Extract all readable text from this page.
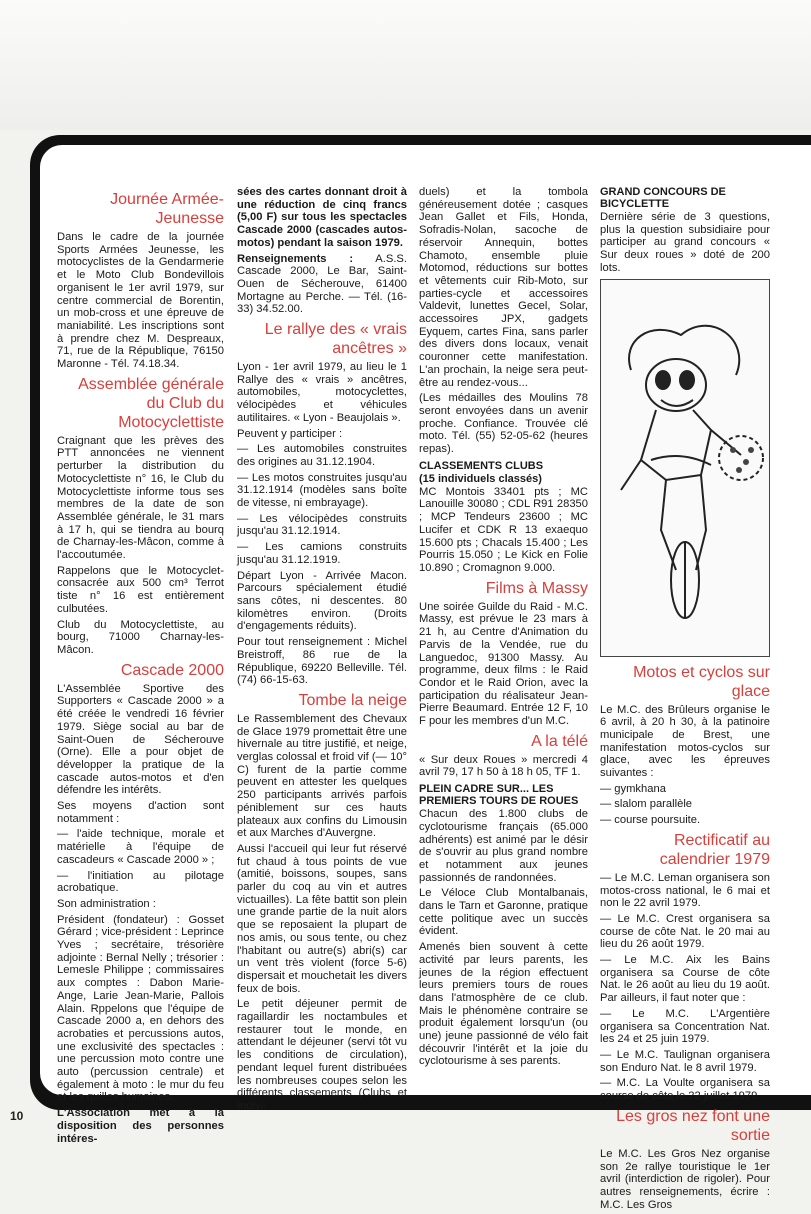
Journée Armée-Jeunesse

Dans le cadre de la journée Sports Armées Jeunesse, les motocyclistes de la Gendarmerie et le Moto Club Bondevillois organisent le 1er avril 1979, sur centre commercial de Borentin, un mob-cross et une épreuve de maniabilité. Les inscriptions sont à prendre chez M. Despreaux, 71, rue de la République, 76150 Maronne - Tél. 74.18.34.

Assemblée générale du Club du Motocyclettiste

Craignant que les prèves des PTT annoncées ne viennent perturber la distribution du Motocyclettiste n° 16, le Club du Motocyclettiste informe tous ses membres de la date de son Assemblée générale, le 31 mars à 17 h, qui se tiendra au bourq de Charnay-les-Mâcon, comme à l'accoutumée.

Rappelons que le Motocyclet-consacrée aux 500 cm³ Terrot tiste n° 16 est entièrement culbutées.

Club du Motocyclettiste, au bourg, 71000 Charnay-les-Mâcon.

Cascade 2000

L'Assemblée Sportive des Supporters « Cascade 2000 » a été créée le vendredi 16 février 1979. Siège social au bar de Saint-Ouen de Sécherouve (Orne). Elle a pour objet de développer la pratique de la cascade autos-motos et d'en défendre les intérêts.

Ses moyens d'action sont notamment :

— l'aide technique, morale et matérielle à l'équipe de cascadeurs « Cascade 2000 » ;

— l'initiation au pilotage acrobatique.

Son administration :

Président (fondateur) : Gosset Gérard ; vice-président : Leprince Yves ; secrétaire, trésorière adjointe : Bernal Nelly ; trésorier : Lemesle Philippe ; commissaires aux comptes : Dabon Marie-Ange, Larie Jean-Marie, Pallois Alain. Rppelons que l'équipe de Cascade 2000 a, en dehors des acrobaties et percussions autos, une exclusivité des spectacles : une percussion moto contre une auto (percussion centrale) et également à moto : le mur du feu et les quilles humaines.

L'Association met à la disposition des personnes intéres-

sées des cartes donnant droit à une réduction de cinq francs (5,00 F) sur tous les spectacles Cascade 2000 (cascades autos-motos) pendant la saison 1979.

Renseignements : A.S.S. Cascade 2000, Le Bar, Saint-Ouen de Sécherouve, 61400 Mortagne au Perche. — Tél. (16-33) 34.52.00.

Le rallye des « vrais ancêtres »

Lyon - 1er avril 1979, au lieu le 1 Rallye des « vrais » ancêtres, automobiles, motocyclettes, vélocipèdes et véhicules autilitaires. « Lyon - Beaujolais ».

Peuvent y participer :

— Les automobiles construites des origines au 31.12.1904.

— Les motos construites jusqu'au 31.12.1914 (modèles sans boîte de vitesse, ni embrayage).

— Les vélocipèdes construits jusqu'au 31.12.1914.

— Les camions construits jusqu'au 31.12.1919.

Départ Lyon - Arrivée Macon. Parcours spécialement étudié sans côtes, ni descentes. 80 kilomètres environ. (Droits d'engagements réduits).

Pour tout renseignement : Michel Breistroff, 86 rue de la République, 69220 Belleville. Tél. (74) 66-15-63.

Tombe la neige

Le Rassemblement des Chevaux de Glace 1979 promettait être une hivernale au titre justifié, et neige, verglas colossal et froid vif (— 10° C) furent de la partie comme peuvent en attester les quelques 250 participants arrivés parfois péniblement sur ces hauts plateaux aux confins du Limousin et aux Marches d'Auvergne.

Aussi l'accueil qui leur fut réservé fut chaud à tous points de vue (amitié, boissons, soupes, sans parler du coq au vin et autres victuailles). La fête battit son plein une grande partie de la nuit alors que se reposaient la plupart de nos amis, ou sous tente, ou chez l'habitant ou autre(s) abri(s) car un vent très violent (force 5-6) dispersait et mouchetait les divers feux de bois.

Le petit déjeuner permit de ragaillardir les noctambules et restaurer tout le monde, en attendant le déjeuner (servi tôt vu les conditions de circulation), pendant lequel furent distribuées les nombreuses coupes selon les différents classements (Clubs et Indivi-

duels) et la tombola généreusement dotée ; casques Jean Gallet et Fils, Honda, Sofradis-Nolan, sacoche de réservoir Annequin, bottes Chamoto, ensemble pluie Motomod, réductions sur bottes et vêtements cuir Rib-Moto, sur parties-cycle et accessoires Valdevit, lunettes Gecel, Solar, accessoires JPX, gadgets Eyquem, cartes Fina, sans parler des divers dons locaux, venait couronner cette manifestation. L'an prochain, la neige sera peut-être au rendez-vous...

(Les médailles des Moulins 78 seront envoyées dans un avenir proche. Confiance. Trouvée clé moto. Tél. (55) 52-05-62 (heures repas).

CLASSEMENTS CLUBS
(15 individuels classés)

MC Montois 33401 pts ; MC Lanouille 30080 ; CDL R91 28350 ; MCP Tendeurs 23600 ; MC Lucifer et CDK R 13 exaequo 15.600 pts ; Chacals 15.400 ; Les Pourris 15.050 ; Le Kick en Folie 10.890 ; Cromagnon 9.000.

Films à Massy

Une soirée Guilde du Raid - M.C. Massy, est prévue le 23 mars à 21 h, au Centre d'Animation du Parvis de la Vendée, rue du Languedoc, 91300 Massy. Au programme, deux films : le Raid Condor et le Raid Orion, avec la participation du réalisateur Jean-Pierre Beaumard. Entrée 12 F, 10 F pour les membres d'un M.C.

A la télé

« Sur deux Roues » mercredi 4 avril 79, 17 h 50 à 18 h 05, TF 1.

PLEIN CADRE SUR... LES PREMIERS TOURS DE ROUES

Chacun des 1.800 clubs de cyclotourisme français (65.000 adhérents) est animé par le désir de s'ouvrir au plus grand nombre et notamment aux jeunes passionnés de randonnées.

Le Véloce Club Montalbanais, dans le Tarn et Garonne, pratique cette politique avec un succès évident.

Amenés bien souvent à cette activité par leurs parents, les jeunes de la région effectuent leurs premiers tours de roues dans l'atmosphère de ce club. Mais le phénomène contraire se produit également lorsqu'un (ou une) jeune passionné de vélo fait découvrir l'intérêt et la joie du cyclotourisme à ses parents.

GRAND CONCOURS DE BICYCLETTE

Dernière série de 3 questions, plus la question subsidiaire pour participer au grand concours « Sur deux roues » doté de 200 lots.

Motos et cyclos sur glace

Le M.C. des Brûleurs organise le 6 avril, à 20 h 30, à la patinoire municipale de Brest, une manifestation motos-cyclos sur glace, avec les épreuves suivantes :

— gymkhana

— slalom parallèle

— course poursuite.

Rectificatif au calendrier 1979

— Le M.C. Leman organisera son motos-cross national, le 6 mai et non le 22 avril 1979.

— Le M.C. Crest organisera sa course de côte Nat. le 20 mai au lieu du 26 août 1979.

— Le M.C. Aix les Bains organisera sa Course de côte Nat. le 26 août au lieu du 19 août. Par ailleurs, il faut noter que :

— Le M.C. L'Argentière organisera sa Concentration Nat. les 24 et 25 juin 1979.

— Le M.C. Taulignan organisera son Enduro Nat. le 8 avril 1979.

— M.C. La Voulte organisera sa course de côte le 22 juillet 1979.

Les gros nez font une sortie

Le M.C. Les Gros Nez organise son 2e rallye touristique le 1er avril (interdiction de rigoler). Pour autres renseignements, écrire : M.C. Les Gros

10
